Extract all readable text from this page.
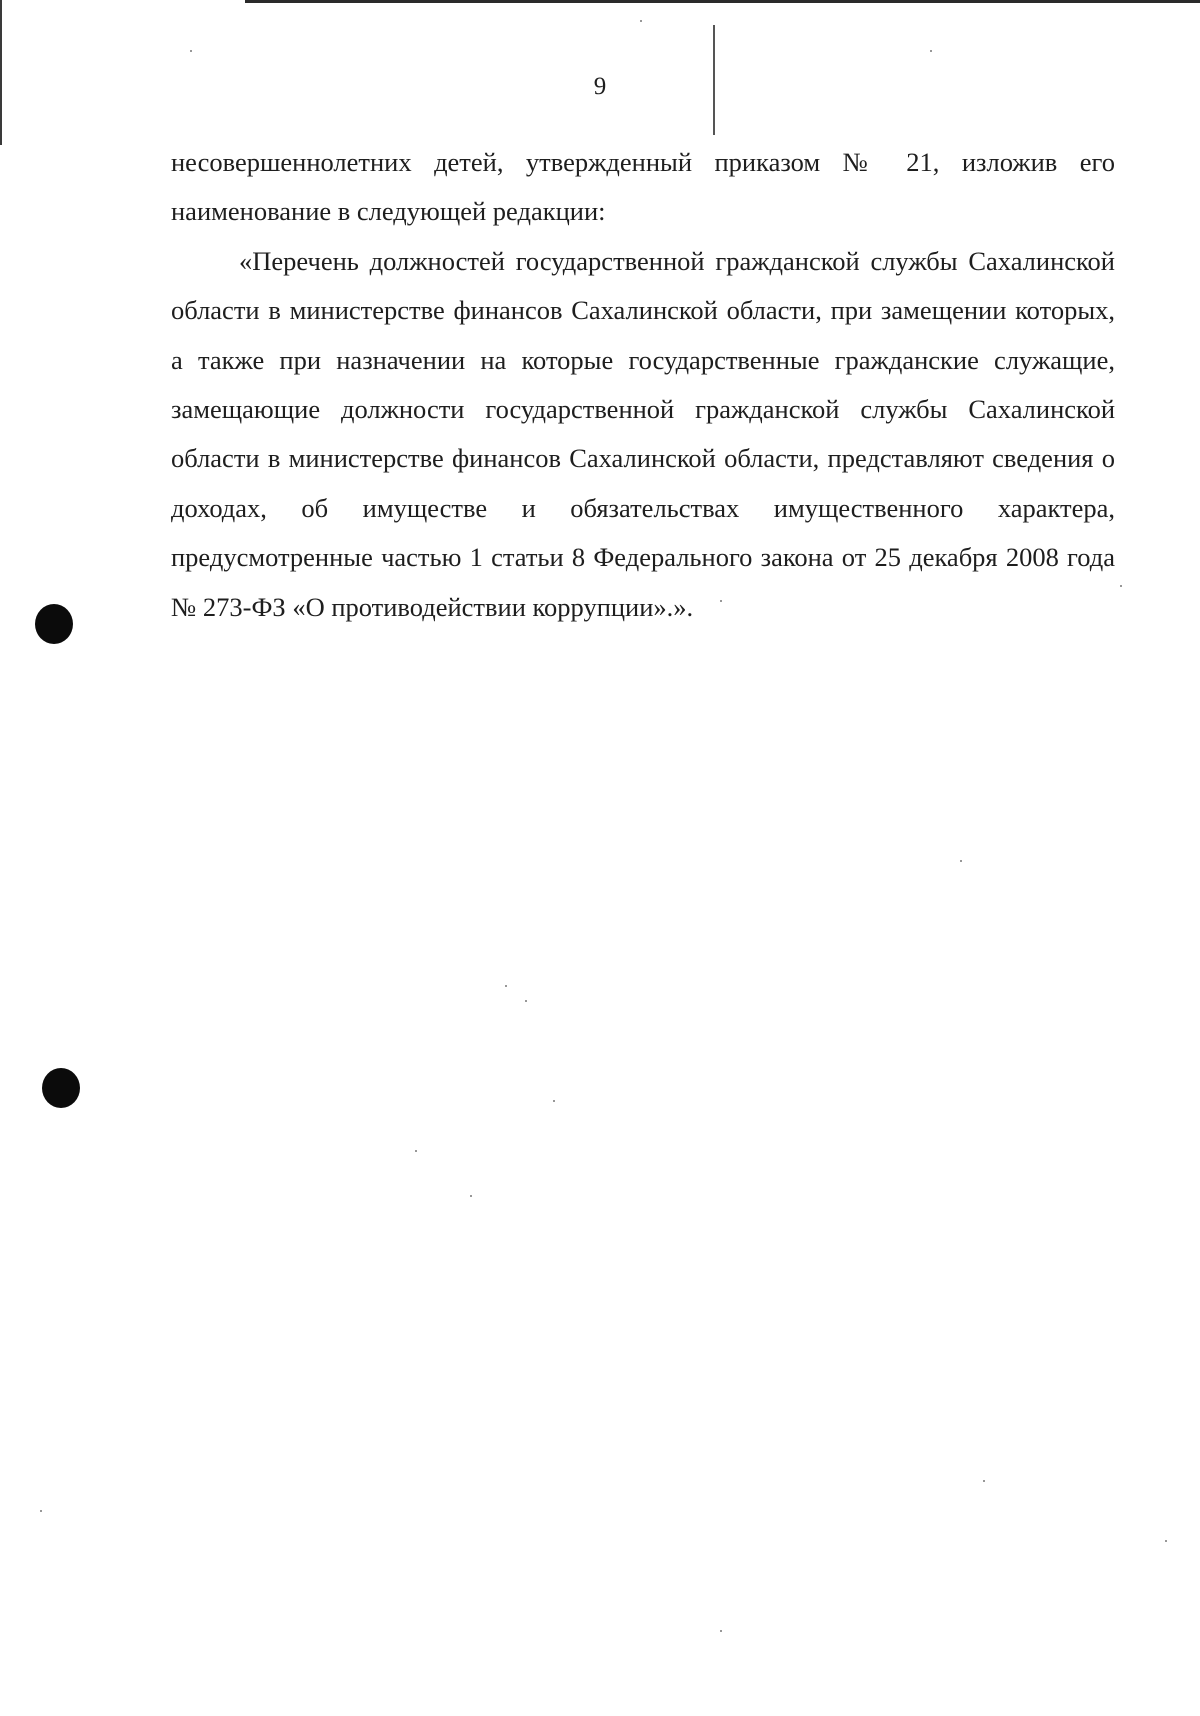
9

несовершеннолетних детей, утвержденный приказом № 21, изложив его наименование в следующей редакции:

«Перечень должностей государственной гражданской службы Сахалинской области в министерстве финансов Сахалинской области, при замещении которых, а также при назначении на которые государственные гражданские служащие, замещающие должности государственной гражданской службы Сахалинской области в министерстве финансов Сахалинской области, представляют сведения о доходах, об имуществе и обязательствах имущественного характера, предусмотренные частью 1 статьи 8 Федерального закона от 25 декабря 2008 года № 273-ФЗ «О противодействии коррупции».».
